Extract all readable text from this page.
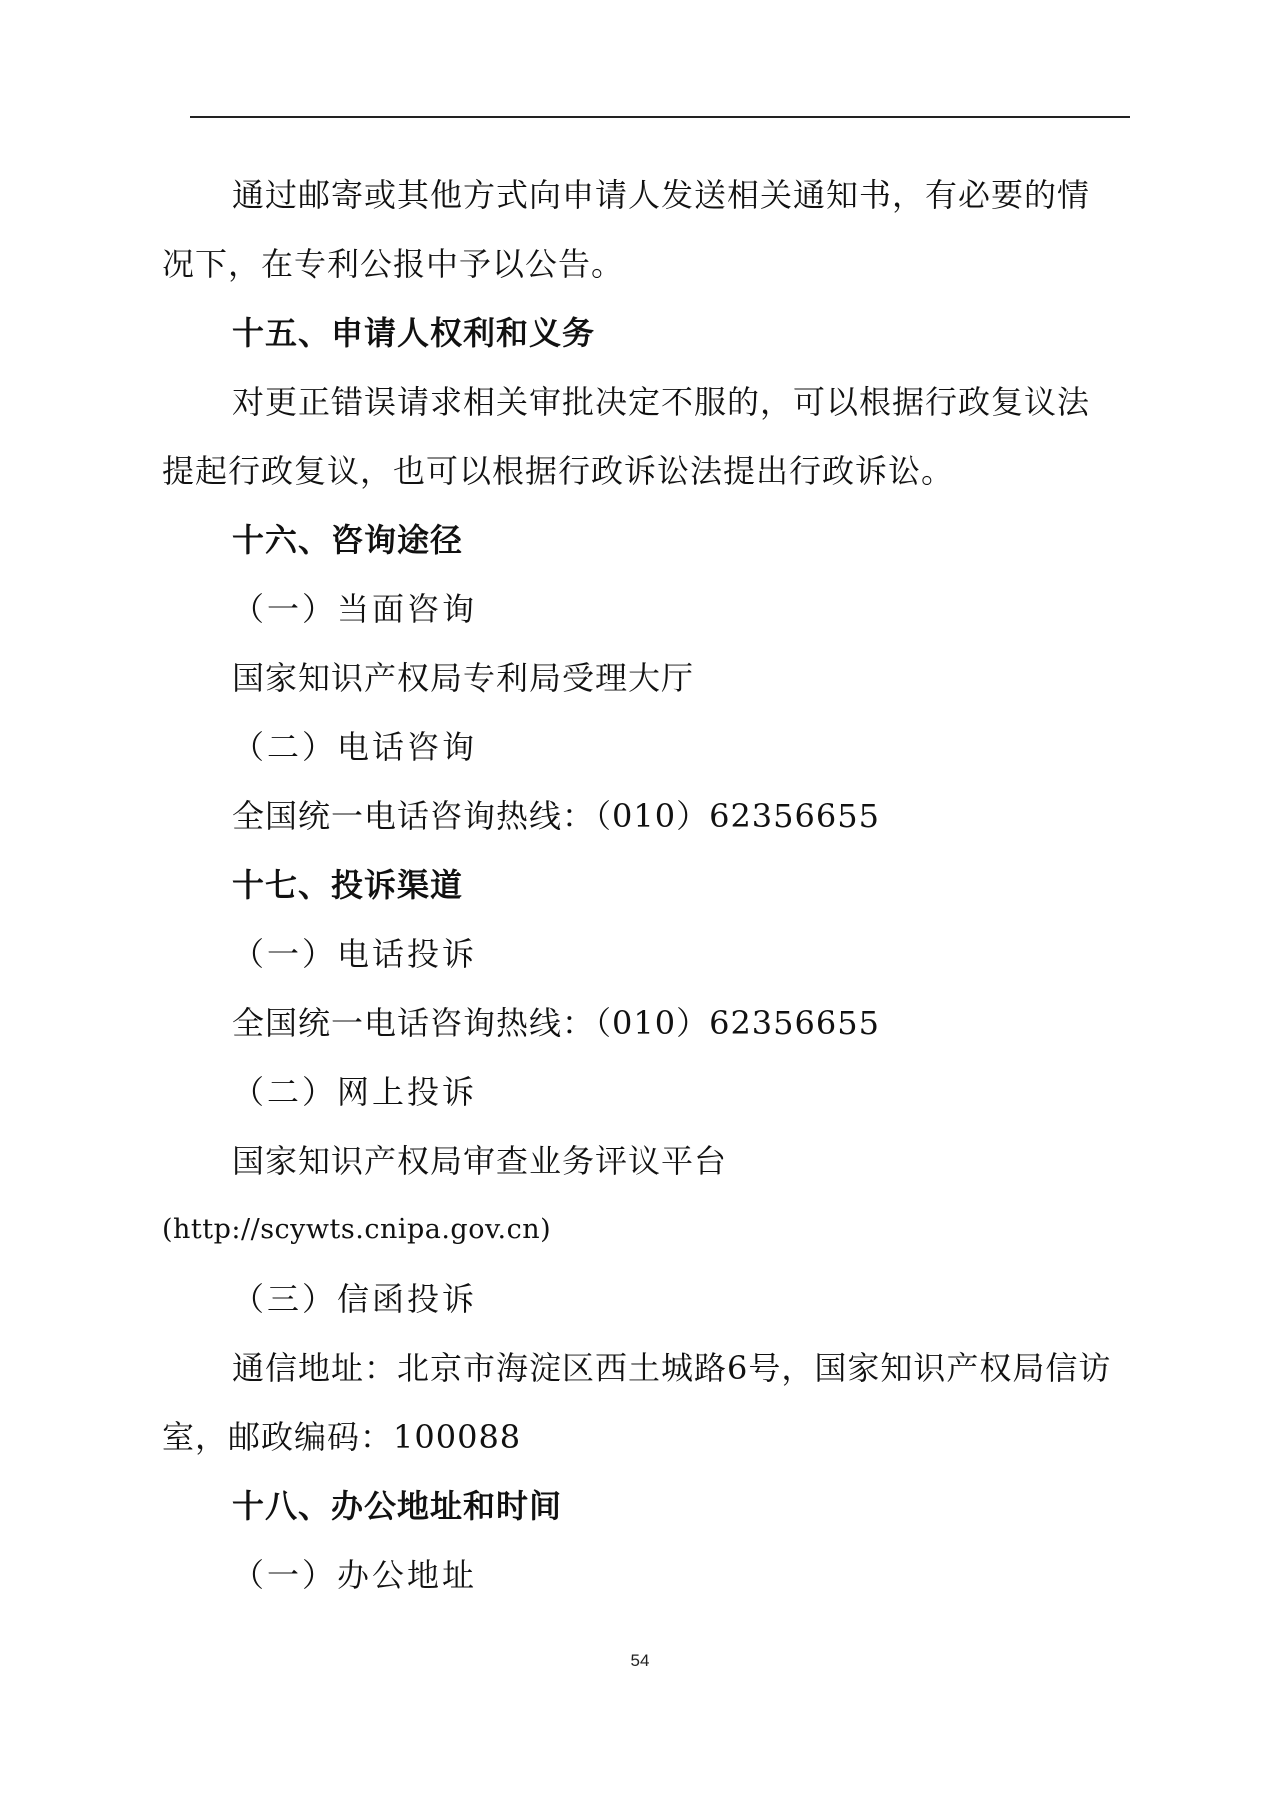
通过邮寄或其他方式向申请人发送相关通知书，有必要的情
况下，在专利公报中予以公告。
十五、申请人权利和义务
对更正错误请求相关审批决定不服的，可以根据行政复议法
提起行政复议，也可以根据行政诉讼法提出行政诉讼。
十六、咨询途径
（一）当面咨询
国家知识产权局专利局受理大厅
（二）电话咨询
全国统一电话咨询热线：（010）62356655
十七、投诉渠道
（一）电话投诉
全国统一电话咨询热线：（010）62356655
（二）网上投诉
国家知识产权局审查业务评议平台
(http://scywts.cnipa.gov.cn)
（三）信函投诉
通信地址：北京市海淀区西土城路6号，国家知识产权局信访
室，邮政编码：100088
十八、办公地址和时间
（一）办公地址
54
